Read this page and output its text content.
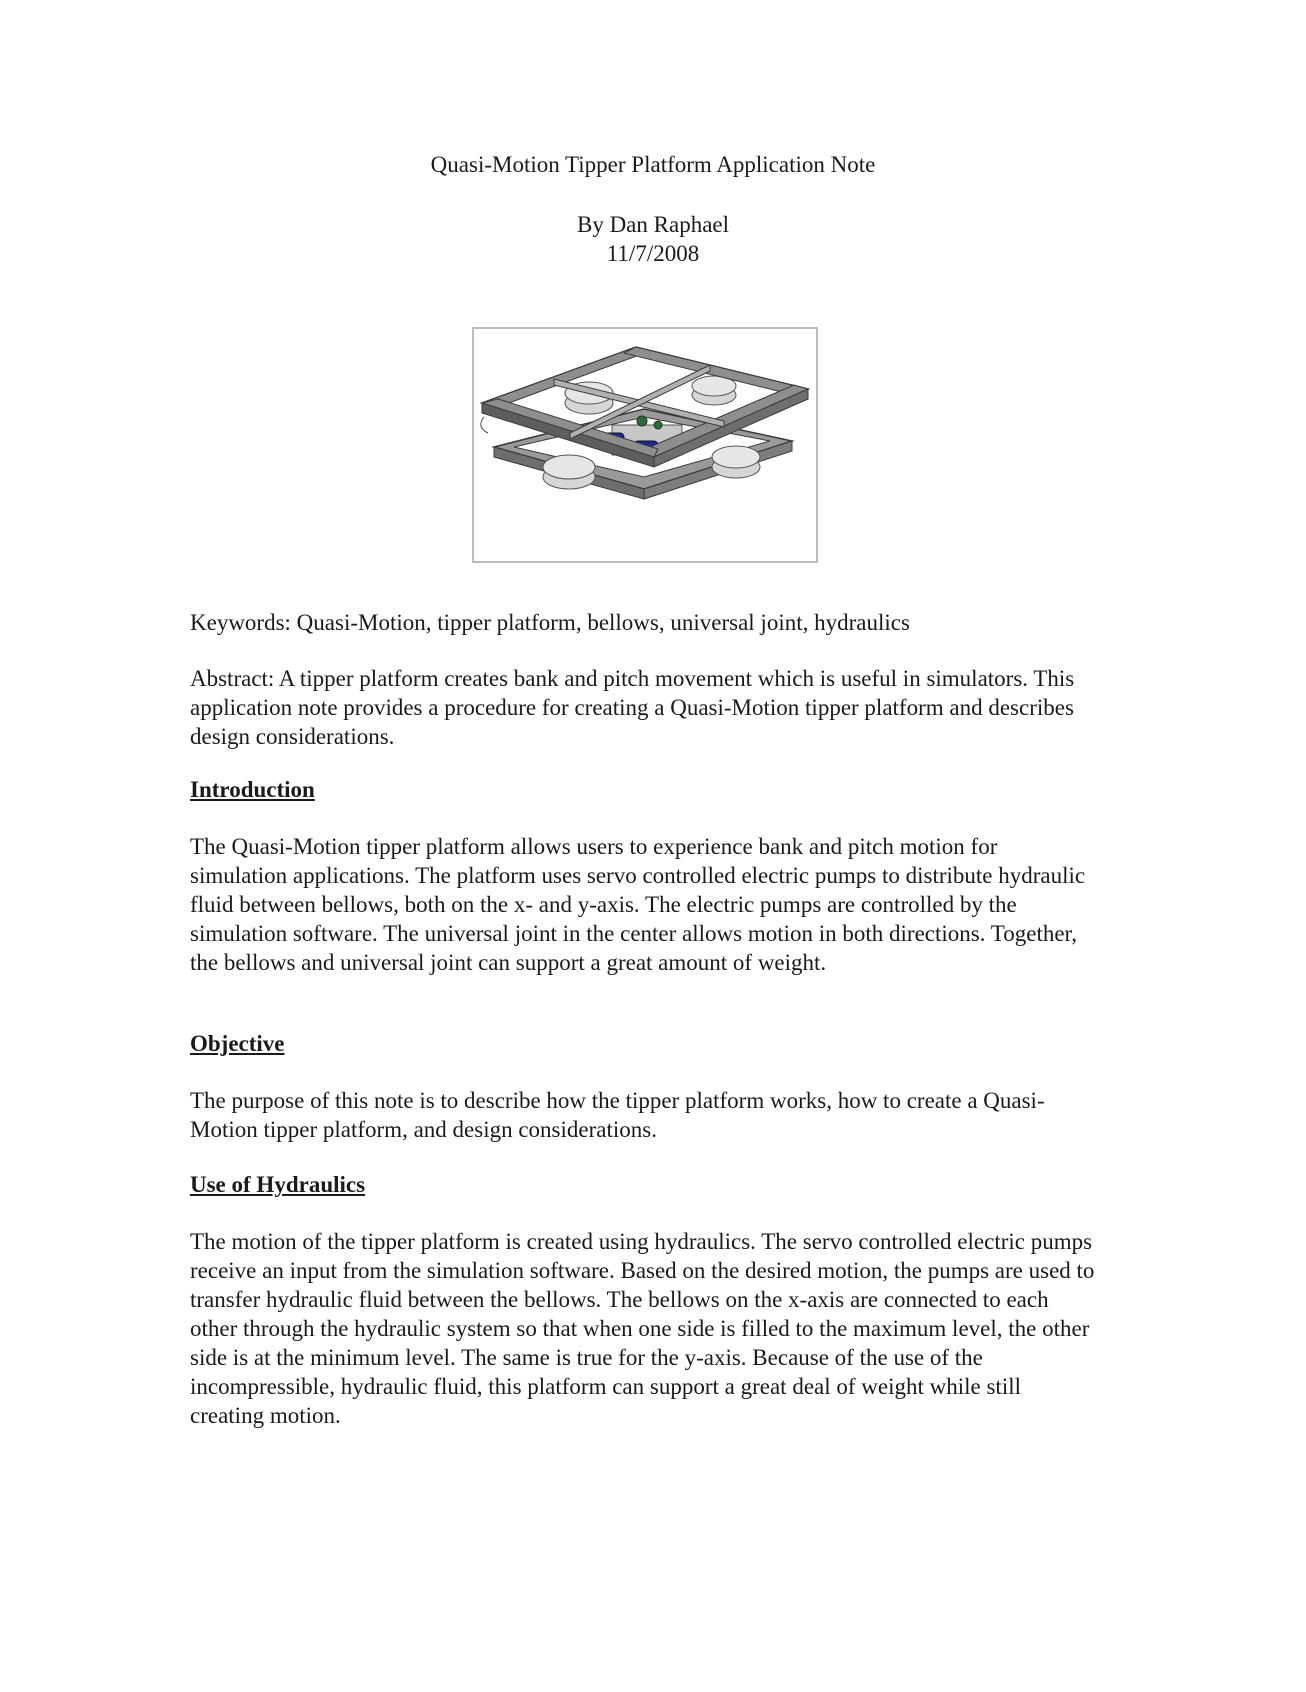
Quasi-Motion Tipper Platform Application Note
By Dan Raphael
11/7/2008
Keywords: Quasi-Motion, tipper platform, bellows, universal joint, hydraulics

Abstract: A tipper platform creates bank and pitch movement which is useful in simulators. This application note provides a procedure for creating a Quasi-Motion tipper platform and describes design considerations.

Introduction

The Quasi-Motion tipper platform allows users to experience bank and pitch motion for simulation applications. The platform uses servo controlled electric pumps to distribute hydraulic fluid between bellows, both on the x- and y-axis. The electric pumps are controlled by the simulation software. The universal joint in the center allows motion in both directions. Together, the bellows and universal joint can support a great amount of weight.

Objective

The purpose of this note is to describe how the tipper platform works, how to create a Quasi-Motion tipper platform, and design considerations.

Use of Hydraulics

The motion of the tipper platform is created using hydraulics. The servo controlled electric pumps receive an input from the simulation software. Based on the desired motion, the pumps are used to transfer hydraulic fluid between the bellows. The bellows on the x-axis are connected to each other through the hydraulic system so that when one side is filled to the maximum level, the other side is at the minimum level. The same is true for the y-axis. Because of the use of the incompressible, hydraulic fluid, this platform can support a great deal of weight while still creating motion.
